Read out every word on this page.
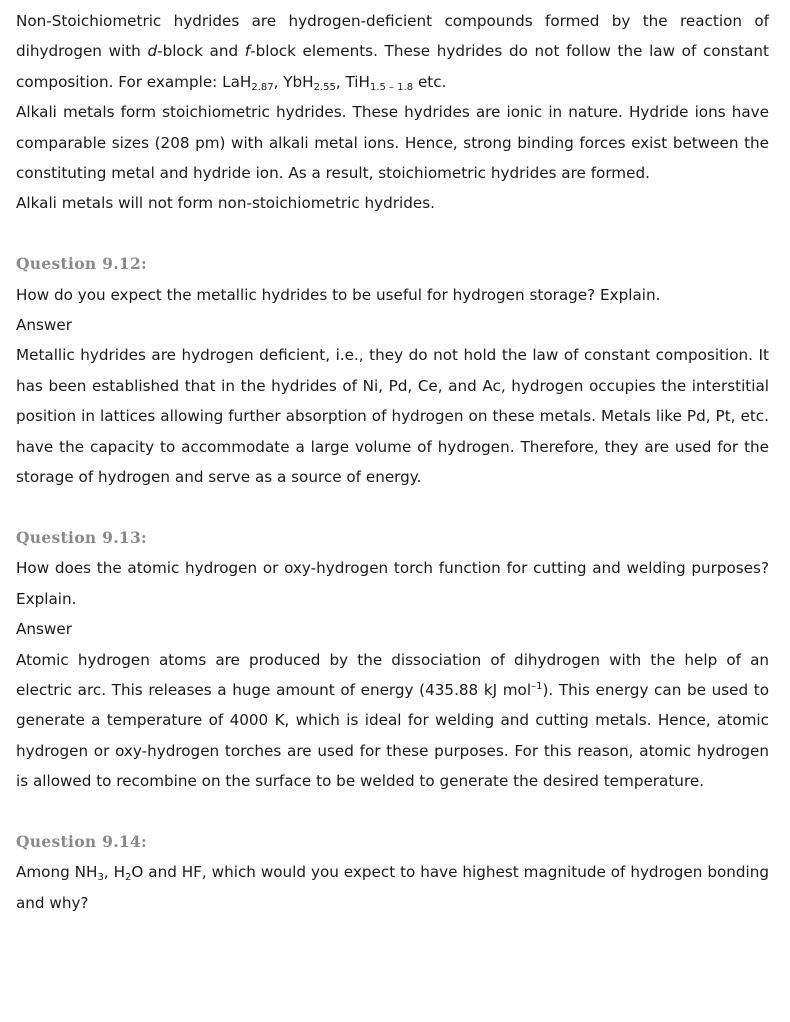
Non-Stoichiometric hydrides are hydrogen-deficient compounds formed by the reaction of dihydrogen with d-block and f-block elements. These hydrides do not follow the law of constant composition. For example: LaH$_{2.87}$, YbH$_{2.55}$, TiH$_{1.5 - 1.8}$ etc.

Alkali metals form stoichiometric hydrides. These hydrides are ionic in nature. Hydride ions have comparable sizes (208 pm) with alkali metal ions. Hence, strong binding forces exist between the constituting metal and hydride ion. As a result, stoichiometric hydrides are formed.

Alkali metals will not form non-stoichiometric hydrides.

Question 9.12:

How do you expect the metallic hydrides to be useful for hydrogen storage? Explain.

Answer

Metallic hydrides are hydrogen deficient, i.e., they do not hold the law of constant composition. It has been established that in the hydrides of Ni, Pd, Ce, and Ac, hydrogen occupies the interstitial position in lattices allowing further absorption of hydrogen on these metals. Metals like Pd, Pt, etc. have the capacity to accommodate a large volume of hydrogen. Therefore, they are used for the storage of hydrogen and serve as a source of energy.

Question 9.13:

How does the atomic hydrogen or oxy-hydrogen torch function for cutting and welding purposes? Explain.

Answer

Atomic hydrogen atoms are produced by the dissociation of dihydrogen with the help of an electric arc. This releases a huge amount of energy (435.88 kJ mol$^{-1}$). This energy can be used to generate a temperature of 4000 K, which is ideal for welding and cutting metals. Hence, atomic hydrogen or oxy-hydrogen torches are used for these purposes. For this reason, atomic hydrogen is allowed to recombine on the surface to be welded to generate the desired temperature.

Question 9.14:

Among $NH_3$, $H_2O$ and HF, which would you expect to have highest magnitude of hydrogen bonding and why?
